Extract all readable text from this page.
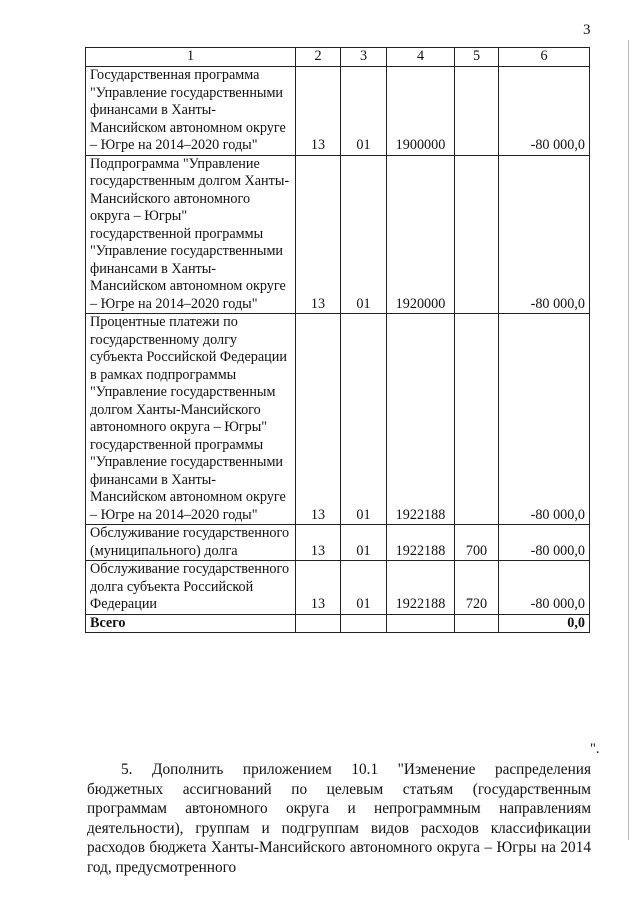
3
1	2	3	4	5	6
Государственная программа "Управление государственными финансами в Ханты-Мансийском автономном округе – Югре на 2014–2020 годы"	13	01	1900000		-80 000,0
Подпрограмма "Управление государственным долгом Ханты-Мансийского автономного округа – Югры" государственной программы "Управление государственными финансами в Ханты-Мансийском автономном округе – Югре на 2014–2020 годы"	13	01	1920000		-80 000,0
Процентные платежи по государственному долгу субъекта Российской Федерации в рамках подпрограммы "Управление государственным долгом Ханты-Мансийского автономного округа – Югры" государственной программы "Управление государственными финансами в Ханты-Мансийском автономном округе – Югре на 2014–2020 годы"	13	01	1922188		-80 000,0
Обслуживание государственного (муниципального) долга	13	01	1922188	700	-80 000,0
Обслуживание государственного долга субъекта Российской Федерации	13	01	1922188	720	-80 000,0
Всего					0,0
".

5. Дополнить приложением 10.1 "Изменение распределения бюджетных ассигнований по целевым статьям (государственным программам автономного округа и непрограммным направлениям деятельности), группам и подгруппам видов расходов классификации расходов бюджета Ханты-Мансийского автономного округа – Югры на 2014 год, предусмотренного
